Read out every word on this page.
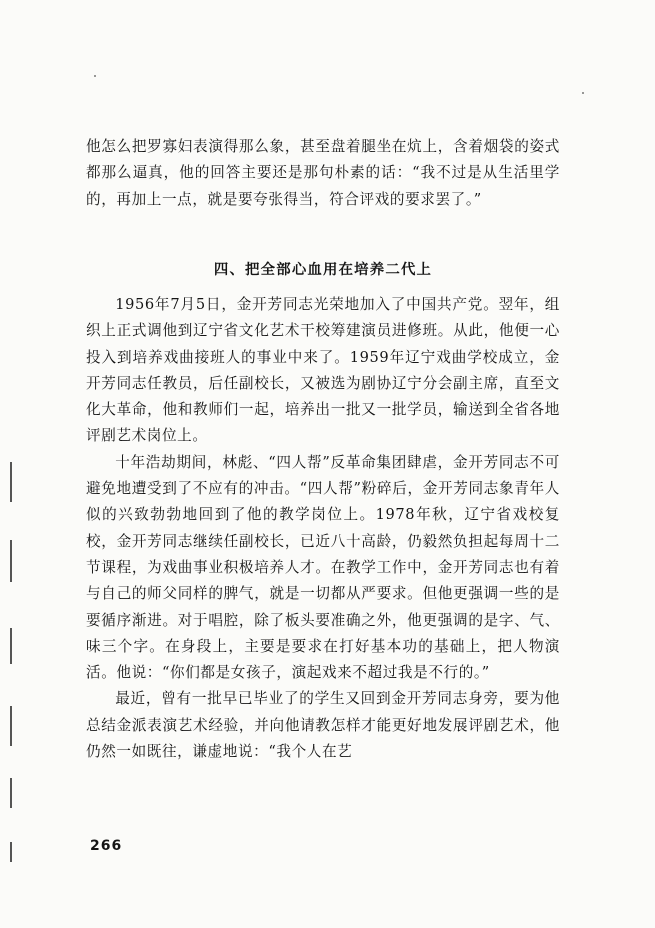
他怎么把罗寡妇表演得那么象，甚至盘着腿坐在炕上，含着烟袋的姿式都那么逼真，他的回答主要还是那句朴素的话：“我不过是从生活里学的，再加上一点，就是要夸张得当，符合评戏的要求罢了。”

四、把全部心血用在培养二代上

1956年7月5日，金开芳同志光荣地加入了中国共产党。翌年，组织上正式调他到辽宁省文化艺术干校筹建演员进修班。从此，他便一心投入到培养戏曲接班人的事业中来了。1959年辽宁戏曲学校成立，金开芳同志任教员，后任副校长，又被选为剧协辽宁分会副主席，直至文化大革命，他和教师们一起，培养出一批又一批学员，输送到全省各地评剧艺术岗位上。

十年浩劫期间，林彪、“四人帮”反革命集团肆虐，金开芳同志不可避免地遭受到了不应有的冲击。“四人帮”粉碎后，金开芳同志象青年人似的兴致勃勃地回到了他的教学岗位上。1978年秋，辽宁省戏校复校，金开芳同志继续任副校长，已近八十高龄，仍毅然负担起每周十二节课程，为戏曲事业积极培养人才。在教学工作中，金开芳同志也有着与自己的师父同样的脾气，就是一切都从严要求。但他更强调一些的是要循序渐进。对于唱腔，除了板头要准确之外，他更强调的是字、气、味三个字。在身段上，主要是要求在打好基本功的基础上，把人物演活。他说：“你们都是女孩子，演起戏来不超过我是不行的。”

最近，曾有一批早已毕业了的学生又回到金开芳同志身旁，要为他总结金派表演艺术经验，并向他请教怎样才能更好地发展评剧艺术，他仍然一如既往，谦虚地说：“我个人在艺

266
